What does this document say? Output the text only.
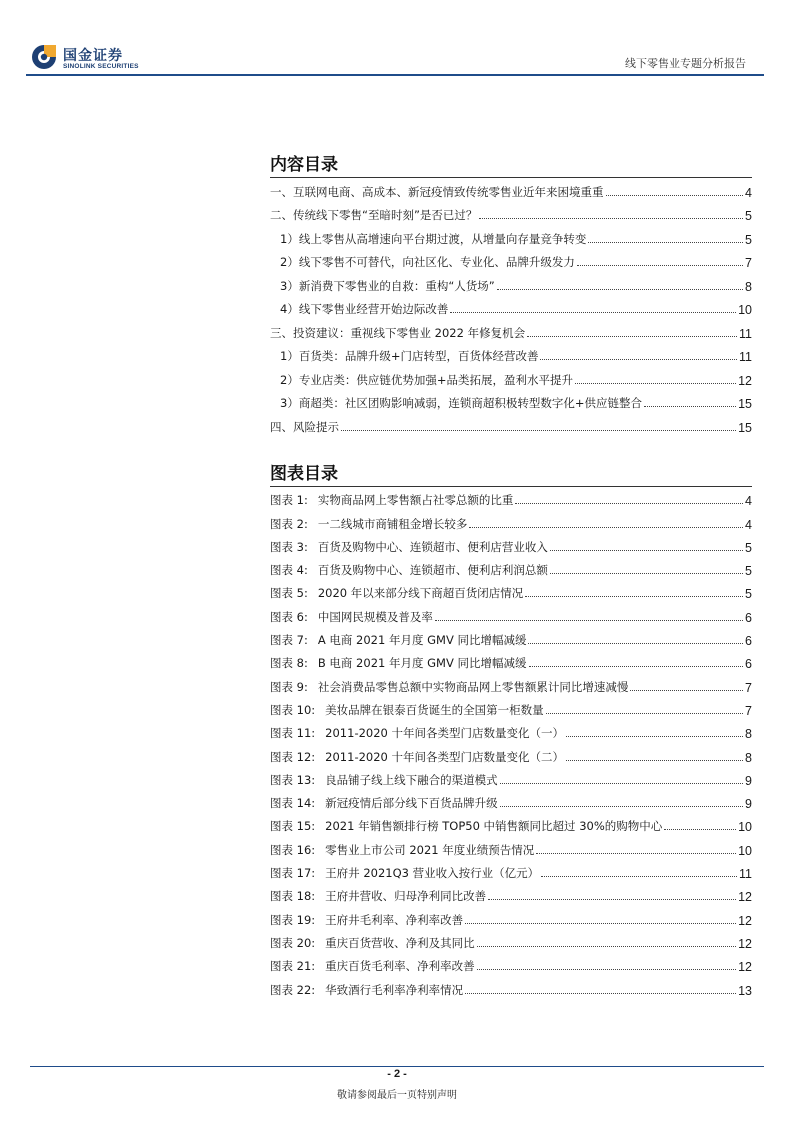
国金证券
SINOLINK SECURITIES	线下零售业专题分析报告
内容目录
一、互联网电商、高成本、新冠疫情致传统零售业近年来困境重重	4
二、传统线下零售“至暗时刻”是否已过？	5
1）线上零售从高增速向平台期过渡，从增量向存量竞争转变	5
2）线下零售不可替代，向社区化、专业化、品牌升级发力	7
3）新消费下零售业的自救：重构“人货场”	8
4）线下零售业经营开始边际改善	10
三、投资建议：重视线下零售业 2022 年修复机会	11
1）百货类：品牌升级+门店转型，百货体经营改善	11
2）专业店类：供应链优势加强+品类拓展，盈利水平提升	12
3）商超类：社区团购影响减弱，连锁商超积极转型数字化+供应链整合	15
四、风险提示	15
图表目录
图表 1: 实物商品网上零售额占社零总额的比重	4
图表 2: 一二线城市商铺租金增长较多	4
图表 3: 百货及购物中心、连锁超市、便利店营业收入	5
图表 4: 百货及购物中心、连锁超市、便利店利润总额	5
图表 5: 2020 年以来部分线下商超百货闭店情况	5
图表 6: 中国网民规模及普及率	6
图表 7: A 电商 2021 年月度 GMV 同比增幅减缓	6
图表 8: B 电商 2021 年月度 GMV 同比增幅减缓	6
图表 9: 社会消费品零售总额中实物商品网上零售额累计同比增速减慢	7
图表 10: 美妆品牌在银泰百货诞生的全国第一柜数量	7
图表 11: 2011-2020 十年间各类型门店数量变化（一）	8
图表 12: 2011-2020 十年间各类型门店数量变化（二）	8
图表 13: 良品铺子线上线下融合的渠道模式	9
图表 14: 新冠疫情后部分线下百货品牌升级	9
图表 15: 2021 年销售额排行榜 TOP50 中销售额同比超过 30%的购物中心	10
图表 16: 零售业上市公司 2021 年度业绩预告情况	10
图表 17: 王府井 2021Q3 营业收入按行业（亿元）	11
图表 18: 王府井营收、归母净利同比改善	12
图表 19: 王府井毛利率、净利率改善	12
图表 20: 重庆百货营收、净利及其同比	12
图表 21: 重庆百货毛利率、净利率改善	12
图表 22: 华致酒行毛利率净利率情况	13
- 2 -
敬请参阅最后一页特别声明
